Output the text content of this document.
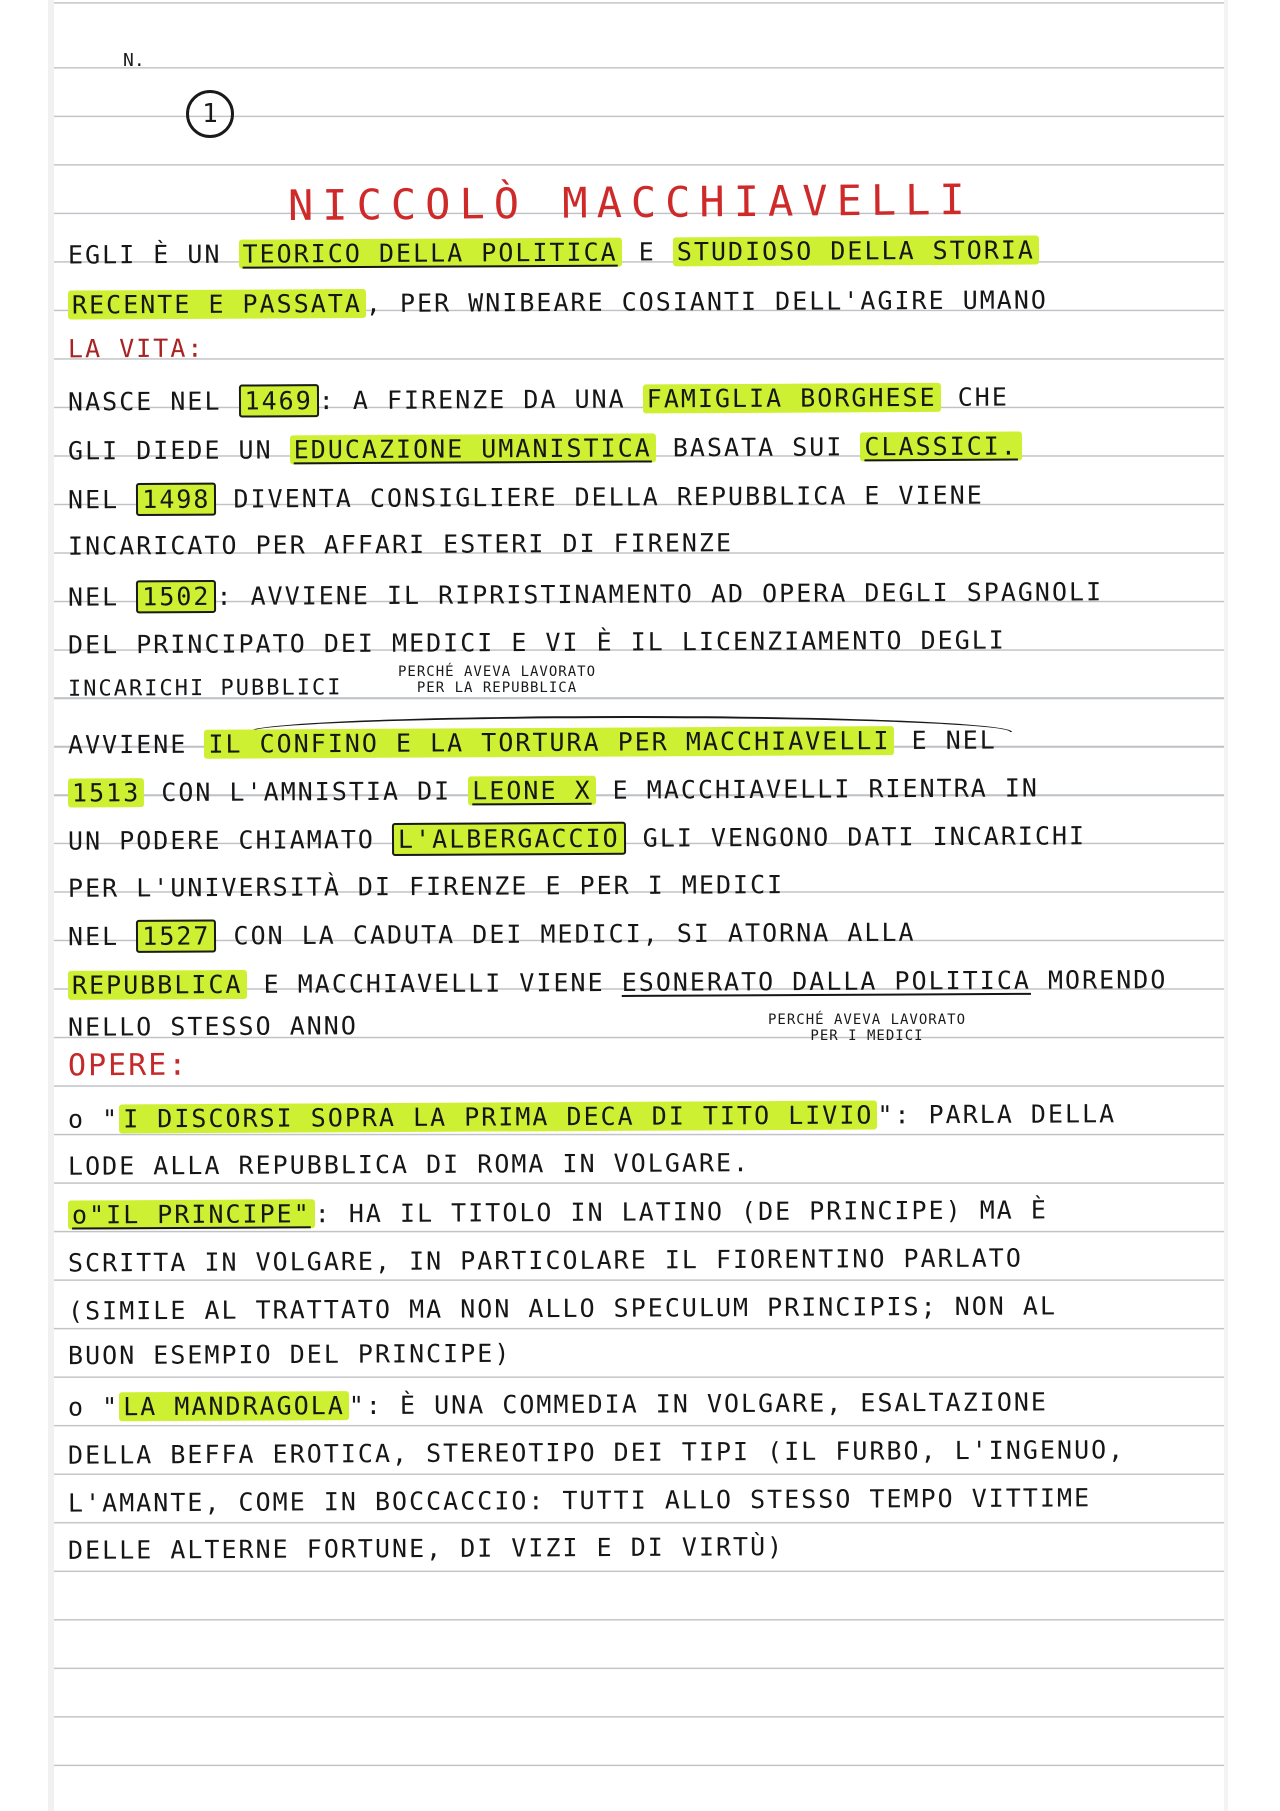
N.
1
NICCOLÒ MACCHIAVELLI
EGLI È UN TEORICO DELLA POLITICA E STUDIOSO DELLA STORIA
RECENTE E PASSATA , PER WNIBEARE COSIANTI DELL'AGIRE UMANO
LA VITA:
NASCE NEL 1469 : A FIRENZE DA UNA FAMIGLIA BORGHESE CHE
GLI DIEDE UN EDUCAZIONE UMANISTICA BASATA SUI CLASSICI.
NEL 1498 DIVENTA CONSIGLIERE DELLA REPUBBLICA E VIENE
INCARICATO PER AFFARI ESTERI DI FIRENZE
NEL 1502 : AVVIENE IL RIPRISTINAMENTO AD OPERA DEGLI SPAGNOLI
DEL PRINCIPATO DEI MEDICI E VI È IL LICENZIAMENTO DEGLI
INCARICHI PUBBLICI
PERCHÉ AVEVA LAVORATO
PER LA REPUBBLICA
AVVIENE IL CONFINO E LA TORTURA PER MACCHIAVELLI E NEL
1513 CON L'AMNISTIA DI LEONE X E MACCHIAVELLI RIENTRA IN
UN PODERE CHIAMATO L'ALBERGACCIO GLI VENGONO DATI INCARICHI
PER L'UNIVERSITÀ DI FIRENZE E PER I MEDICI
NEL 1527 CON LA CADUTA DEI MEDICI, SI ATORNA ALLA
REPUBBLICA E MACCHIAVELLI VIENE ESONERATO DALLA POLITICA MORENDO
NELLO STESSO ANNO	PERCHÉ AVEVA LAVORATO
PER I MEDICI
OPERE:
o " I DISCORSI SOPRA LA PRIMA DECA DI TITO LIVIO ": PARLA DELLA
LODE ALLA REPUBBLICA DI ROMA IN VOLGARE.
o"IL PRINCIPE" : HA IL TITOLO IN LATINO (DE PRINCIPE) MA È
SCRITTA IN VOLGARE, IN PARTICOLARE IL FIORENTINO PARLATO
(SIMILE AL TRATTATO MA NON ALLO SPECULUM PRINCIPIS; NON AL
BUON ESEMPIO DEL PRINCIPE)
o " LA MANDRAGOLA ": È UNA COMMEDIA IN VOLGARE, ESALTAZIONE
DELLA BEFFA EROTICA, STEREOTIPO DEI TIPI (IL FURBO, L'INGENUO,
L'AMANTE, COME IN BOCCACCIO: TUTTI ALLO STESSO TEMPO VITTIME
DELLE ALTERNE FORTUNE, DI VIZI E DI VIRTÙ)
